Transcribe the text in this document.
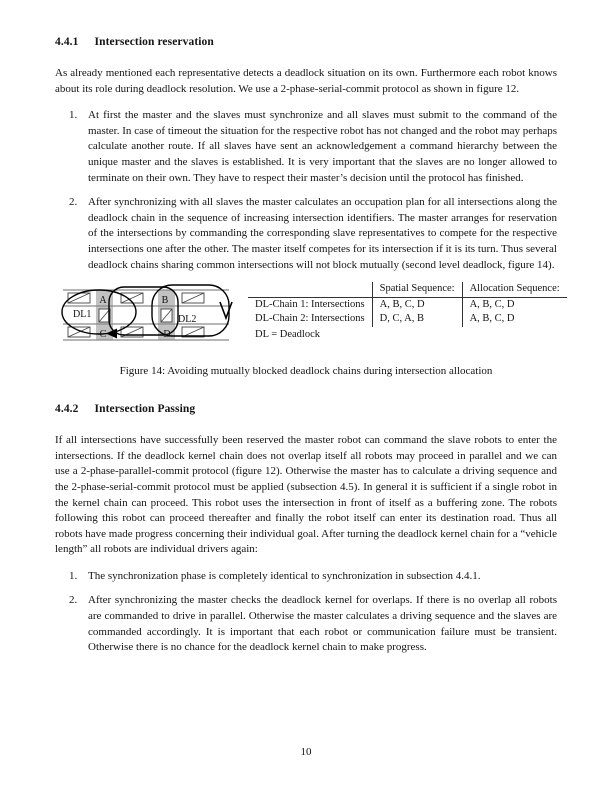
4.4.1 Intersection reservation

As already mentioned each representative detects a deadlock situation on its own. Furthermore each robot knows about its role during deadlock resolution. We use a 2-phase-serial-commit protocol as shown in figure 12.

1. At first the master and the slaves must synchronize and all slaves must submit to the command of the master. In case of timeout the situation for the respective robot has not changed and the robot may perhaps calculate another route. If all slaves have sent an acknowledgement a command hierarchy between the unique master and the slaves is established. It is very important that the slaves are no longer allowed to terminate on their own. They have to respect their master’s decision until the protocol has finished.
2. After synchronizing with all slaves the master calculates an occupation plan for all intersections along the deadlock chain in the sequence of increasing intersection identifiers. The master arranges for reservation of the intersections by commanding the corresponding slave representatives to compete for the respective intersections one after the other. The master itself competes for its intersection if it is its turn. Thus several deadlock chains sharing common intersections will not block mutually (second level deadlock, figure 14).
A	B
C	D
DL1	DL2
	Spatial Sequence:	Allocation Sequence:
DL-Chain 1: Intersections	A, B, C, D	A, B, C, D
DL-Chain 2: Intersections	D, C, A, B	A, B, C, D
DL = Deadlock
Figure 14: Avoiding mutually blocked deadlock chains during intersection allocation
4.4.2 Intersection Passing

If all intersections have successfully been reserved the master robot can command the slave robots to enter the intersections. If the deadlock kernel chain does not overlap itself all robots may proceed in parallel and we can use a 2-phase-parallel-commit protocol (figure 12). Otherwise the master has to calculate a driving sequence and the 2-phase-serial-commit protocol must be applied (subsection 4.5). In general it is sufficient if a single robot in the kernel chain can proceed. This robot uses the intersection in front of itself as a buffering zone. The robots following this robot can proceed thereafter and finally the robot itself can enter its destination road. Thus all robots have made progress concerning their individual goal. After turning the deadlock kernel chain for a “vehicle length” all robots are individual drivers again:

1. The synchronization phase is completely identical to synchronization in subsection 4.4.1.
2. After synchronizing the master checks the deadlock kernel for overlaps. If there is no overlap all robots are commanded to drive in parallel. Otherwise the master calculates a driving sequence and the slaves are commanded accordingly. It is important that each robot or communication failure must be transient. Otherwise there is no chance for the deadlock kernel chain to make progress.
10
